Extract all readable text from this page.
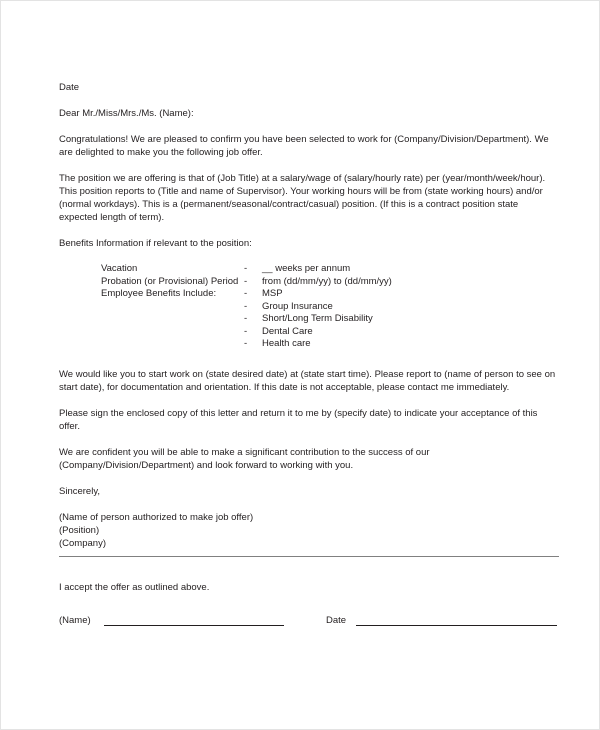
Date

Dear Mr./Miss/Mrs./Ms. (Name):

Congratulations! We are pleased to confirm you have been selected to work for (Company/Division/Department). We are delighted to make you the following job offer.

The position we are offering is that of (Job Title) at a salary/wage of (salary/hourly rate) per (year/month/week/hour). This position reports to (Title and name of Supervisor). Your working hours will be from (state working hours) and/or (normal workdays). This is a (permanent/seasonal/contract/casual) position. (If this is a contract position state expected length of term).

Benefits Information if relevant to the position:

Vacation	-	__ weeks per annum
Probation (or Provisional) Period -	from (dd/mm/yy) to (dd/mm/yy)
Employee Benefits Include:	-	MSP
-	Group Insurance
-	Short/Long Term Disability
-	Dental Care
-	Health care

We would like you to start work on (state desired date) at (state start time). Please report to (name of person to see on start date), for documentation and orientation. If this date is not acceptable, please contact me immediately.

Please sign the enclosed copy of this letter and return it to me by (specify date) to indicate your acceptance of this offer.

We are confident you will be able to make a significant contribution to the success of our (Company/Division/Department) and look forward to working with you.

Sincerely,

(Name of person authorized to make job offer)

(Position)

(Company)

I accept the offer as outlined above.

(Name)	Date
